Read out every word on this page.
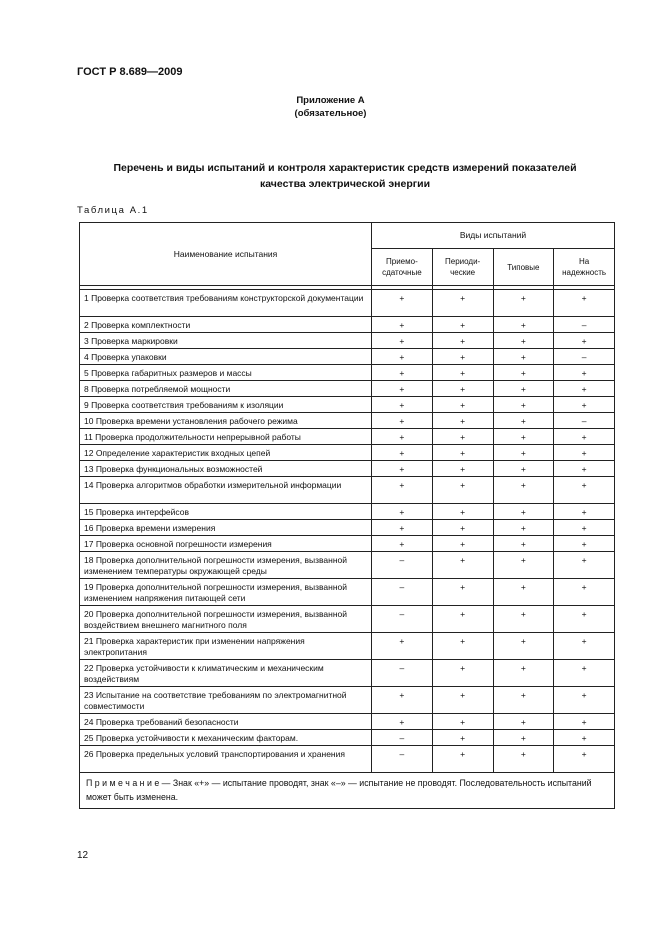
ГОСТ Р 8.689—2009
Приложение А
(обязательное)
Перечень и виды испытаний и контроля характеристик средств измерений показателей качества электрической энергии
Таблица А.1
Наименование испытания	Виды испытаний			
	Приемо-сдаточные	Периоди-ческие	Типовые	На надежность

1 Проверка соответствия требованиям конструкторской документации	+	+	+	+
2 Проверка комплектности	+	+	+	–
3 Проверка маркировки	+	+	+	+
4 Проверка упаковки	+	+	+	–
5 Проверка габаритных размеров и массы	+	+	+	+
8 Проверка потребляемой мощности	+	+	+	+
9 Проверка соответствия требованиям к изоляции	+	+	+	+
10 Проверка времени установления рабочего режима	+	+	+	–
11 Проверка продолжительности непрерывной работы	+	+	+	+
12 Определение характеристик входных цепей	+	+	+	+
13 Проверка функциональных возможностей	+	+	+	+
14 Проверка алгоритмов обработки измерительной информации	+	+	+	+
15 Проверка интерфейсов	+	+	+	+
16 Проверка времени измерения	+	+	+	+
17 Проверка основной погрешности измерения	+	+	+	+
18 Проверка дополнительной погрешности измерения, вызванной изменением температуры окружающей среды	–	+	+	+
19 Проверка дополнительной погрешности измерения, вызванной изменением напряжения питающей сети	–	+	+	+
20 Проверка дополнительной погрешности измерения, вызванной воздействием внешнего магнитного поля	–	+	+	+
21 Проверка характеристик при изменении напряжения электропитания	+	+	+	+
22 Проверка устойчивости к климатическим и механическим воздействиям	–	+	+	+
23 Испытание на соответствие требованиям по электромагнитной совместимости	+	+	+	+
24 Проверка требований безопасности	+	+	+	+
25 Проверка устойчивости к механическим факторам.	–	+	+	+
26 Проверка предельных условий транспортирования и хранения	–	+	+	+
П р и м е ч а н и е — Знак «+» — испытание проводят, знак «–» — испытание не проводят. Последовательность испытаний может быть изменена.				
12
